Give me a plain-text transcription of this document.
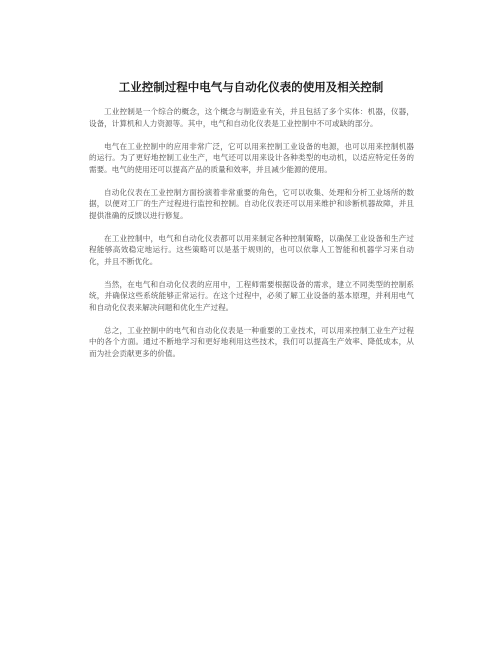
工业控制过程中电气与自动化仪表的使用及相关控制

工业控制是一个综合的概念，这个概念与制造业有关，并且包括了多个实体：机器，仪器，设备，计算机和人力资源等。其中，电气和自动化仪表是工业控制中不可或缺的部分。

电气在工业控制中的应用非常广泛，它可以用来控制工业设备的电源，也可以用来控制机器的运行。为了更好地控制工业生产，电气还可以用来设计各种类型的电动机，以适应特定任务的需要。电气的使用还可以提高产品的质量和效率，并且减少能源的使用。

自动化仪表在工业控制方面扮演着非常重要的角色，它可以收集、处理和分析工业场所的数据，以便对工厂的生产过程进行监控和控制。自动化仪表还可以用来维护和诊断机器故障，并且提供准确的反馈以进行修复。

在工业控制中，电气和自动化仪表都可以用来制定各种控制策略，以确保工业设备和生产过程能够高效稳定地运行。这些策略可以是基于规则的，也可以依靠人工智能和机器学习来自动化，并且不断优化。

当然，在电气和自动化仪表的应用中，工程师需要根据设备的需求，建立不同类型的控制系统，并确保这些系统能够正常运行。在这个过程中，必须了解工业设备的基本原理，并利用电气和自动化仪表来解决问题和优化生产过程。

总之，工业控制中的电气和自动化仪表是一种重要的工业技术，可以用来控制工业生产过程中的各个方面。通过不断地学习和更好地利用这些技术，我们可以提高生产效率、降低成本，从而为社会贡献更多的价值。
